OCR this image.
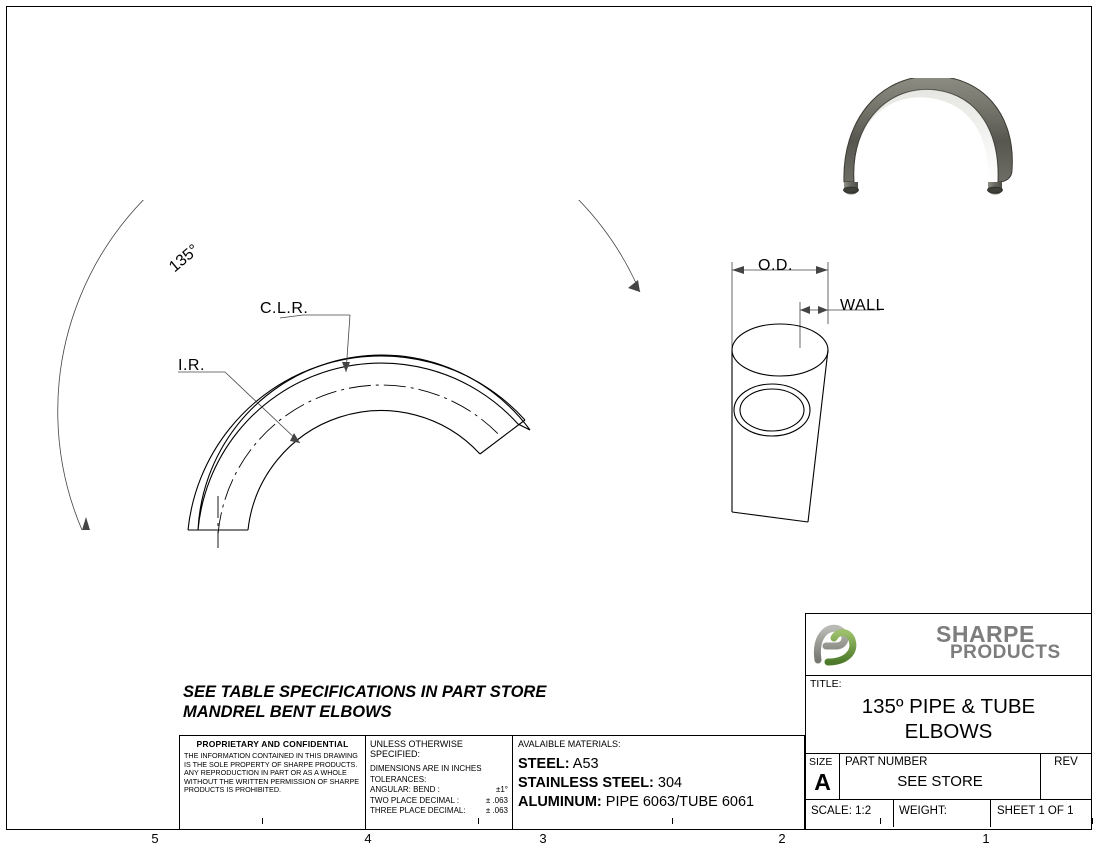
135°
C.L.R.
I.R.
O.D.
WALL
SEE TABLE SPECIFICATIONS IN PART STORE
MANDREL BENT ELBOWS
PROPRIETARY AND CONFIDENTIAL
THE INFORMATION CONTAINED IN THIS DRAWING IS THE SOLE PROPERTY OF SHARPE PRODUCTS. ANY REPRODUCTION IN PART OR AS A WHOLE WITHOUT THE WRITTEN PERMISSION OF SHARPE PRODUCTS IS PROHIBITED.
UNLESS OTHERWISE SPECIFIED:
DIMENSIONS ARE IN INCHES
TOLERANCES:
ANGULAR: BEND :	±1°
TWO PLACE DECIMAL :	± .063
THREE PLACE DECIMAL:	± .063
AVALAIBLE MATERIALS:
STEEL: A53
STAINLESS STEEL: 304
ALUMINUM: PIPE 6063/TUBE 6061
SHARPE
PRODUCTS
TITLE:
135º PIPE & TUBE
ELBOWS
SIZE
A
PART NUMBER
SEE STORE
REV
SCALE: 1:2	WEIGHT:	SHEET 1 OF 1
5	4	3	2	1
